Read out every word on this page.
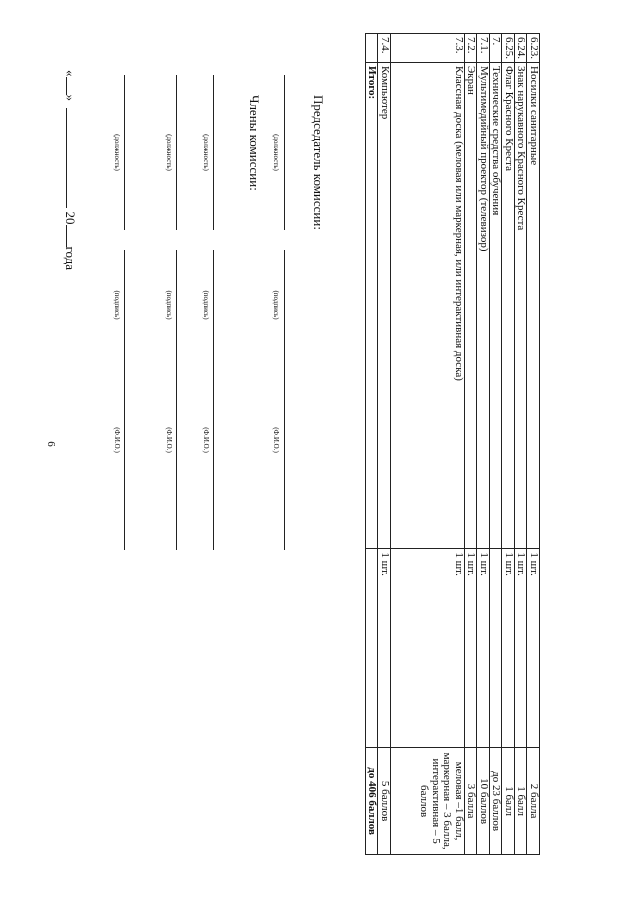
6
6.23.	Носилки санитарные	1 шт.	2 балла
6.24.	Знак нарукавного Красного Креста	1 шт.	1 балл
6.25.	Флаг Красного Креста	1 шт.	1 балл
7.	Технические средства обучения		до 23 баллов
7.1.	Мультимедийный проектор (телевизор)	1 шт.	10 баллов
7.2.	Экран	1 шт.	3 балла
7.3.	Классная доска (меловая или маркерная, или интерактивная доска)	1 шт.	меловая –1 балл, маркерная – 3 балла, интерактивная – 5 баллов
7.4.	Компьютер	1 шт.	5 баллов
	Итого:		до 406 баллов
Председатель комиссии:
(должность)
(подпись)
(Ф.И.О.)
Члены комиссии:
(должность)
(подпись)
(Ф.И.О.)
(должность)
(подпись)
(Ф.И.О.)
(должность)
(подпись)
(Ф.И.О.)
«»  20года
